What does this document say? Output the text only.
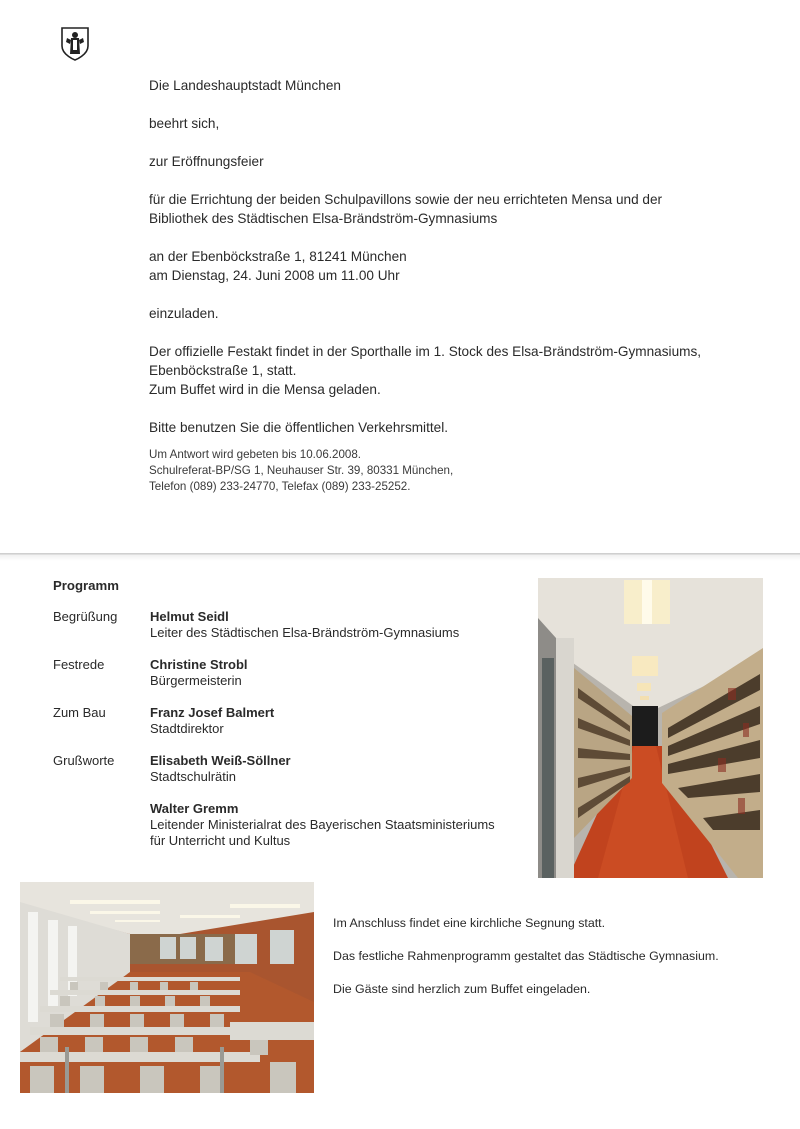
Die Landeshauptstadt München

beehrt sich,

zur Eröffnungsfeier

für die Errichtung der beiden Schulpavillons sowie der neu errichteten Mensa und der

Bibliothek des Städtischen Elsa-Brändström-Gymnasiums

an der Ebenböckstraße 1, 81241 München

am Dienstag, 24. Juni 2008 um 11.00 Uhr

einzuladen.

Der offizielle Festakt findet in der Sporthalle im 1. Stock des Elsa-Brändström-Gymnasiums,

Ebenböckstraße 1, statt.

Zum Buffet wird in die Mensa geladen.

Bitte benutzen Sie die öffentlichen Verkehrsmittel.

Um Antwort wird gebeten bis 10.06.2008.

Schulreferat-BP/SG 1, Neuhauser Str. 39, 80331 München,

Telefon (089) 233-24770, Telefax (089) 233-25252.

Programm
Begrüßung	Helmut Seidl
Leiter des Städtischen Elsa-Brändström-Gymnasiums
Festrede	Christine Strobl
Bürgermeisterin
Zum Bau	Franz Josef Balmert
Stadtdirektor
Grußworte	Elisabeth Weiß-Söllner
Stadtschulrätin
Walter Gremm
Leitender Ministerialrat des Bayerischen Staatsministeriums
für Unterricht und Kultus

Im Anschluss findet eine kirchliche Segnung statt.

Das festliche Rahmenprogramm gestaltet das Städtische Gymnasium.

Die Gäste sind herzlich zum Buffet eingeladen.
